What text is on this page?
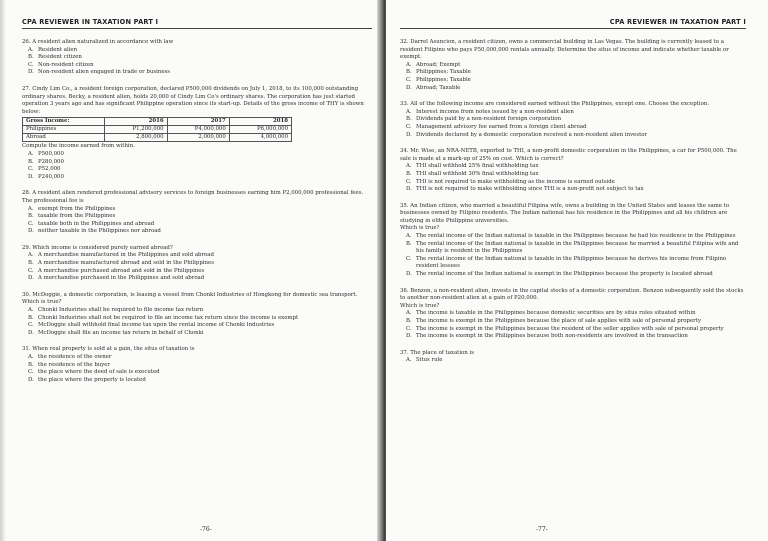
CPA REVIEWER IN TAXATION PART I

26. A resident alien naturalized in accordance with law

A. Resident alien
B. Resident citizen
C. Non-resident citizen
D. Non-resident alien engaged in trade or business

27. Cindy Lim Co., a resident foreign corporation, declared P500,000 dividends on July 1, 2018, to its 100,000 outstanding ordinary shares. Becky, a resident alien, holds 20,000 of Cindy Lim Co's ordinary shares. The corporation has just started operation 3 years ago and has significant Philippine operation since its start-up. Details of the gross income of THY is shown below:

Gross Income:	2016	2017	2018
Philippines	P1,200,000	P4,000,000	P6,000,000
Abroad	2,800,000	2,000,000	4,000,000

Compute the income earned from within.

A. P500,000
B. P280,000
C. P52,000
D. P240,000

28. A resident alien rendered professional advisory services to foreign businesses earning him P2,000,000 professional fees. The professional fee is

A. exempt from the Philippines
B. taxable from the Philippines
C. taxable both in the Philippines and abroad
D. neither taxable in the Philippines nor abroad

29. Which income is considered purely earned abroad?

A. A merchandise manufactured in the Philippines and sold abroad
B. A merchandise manufactured abroad and sold in the Philippines
C. A merchandise purchased abroad and sold in the Philippines
D. A merchandise purchased in the Philippines and sold abroad

30. McDoggie, a domestic corporation, is leasing a vessel from Chonki Industries of Hongkong for domestic sea transport.

Which is true?

A. Chonki Industries shall be required to file income tax return
B. Chonki Industries shall not be required to file an income tax return since the income is exempt
C. McDoggie shall withhold final income tax upon the rental income of Chonki Industries
D. McDoggie shall file an income tax return in behalf of Chonki

31. When real property is sold at a gain, the situs of taxation is

A. the residence of the owner
B. the residence of the buyer
C. the place where the deed of sale is executed
D. the place where the property is located
-76-
CPA REVIEWER IN TAXATION PART I

32. Darrel Asuncion, a resident citizen, owns a commercial building in Las Vegas. The building is currently leased to a resident Filipino who pays P50,000,000 rentals annually. Determine the situs of income and indicate whether taxable or exempt.

A. Abroad; Exempt
B. Philippines; Taxable
C. Philippines; Taxable
D. Abroad; Taxable

33. All of the following income are considered earned without the Philippines, except one. Choose the exception.

A. Interest income from notes issued by a non-resident alien
B. Dividends paid by a non-resident foreign corporation
C. Management advisory fee earned from a foreign client abroad
D. Dividends declared by a domestic corporation received a non-resident alien investor

34. Mr. Wise, an NRA-NETB, exported to THI, a non-profit domestic corporation in the Philippines, a car for P500,000. The sale is made at a mark-up of 25% on cost. Which is correct?

A. THI shall withhold 25% final withholding tax
B. THI shall withhold 30% final withholding tax
C. THI is not required to make withholding as the income is earned outside
D. THI is not required to make withholding since THI is a non-profit not subject to tax

35. An Indian citizen, who married a beautiful Filipina wife, owns a building in the United States and leases the same to businesses owned by Filipino residents. The Indian national has his residence in the Philippines and all his children are studying in elite Philippine universities.

Which is true?

A. The rental income of the Indian national is taxable in the Philippines because he had his residence in the Philippines
B. The rental income of the Indian national is taxable in the Philippines because he married a beautiful Filipina wife and his family is resident in the Philippines
C. The rental income of the Indian national is taxable in the Philippines because he derives his income from Filipino resident lessees
D. The rental income of the Indian national is exempt in the Philippines because the property is located abroad

36. Benzon, a non-resident alien, invests in the capital stocks of a domestic corporation. Benzon subsequently sold the stocks to another non-resident alien at a gain of P20,000.

Which is true?

A. The income is taxable in the Philippines because domestic securities are by situs rules situated within
B. The income is exempt in the Philippines because the place of sale applies with sale of personal property
C. The income is exempt in the Philippines because the resident of the seller applies with sale of personal property
D. The income is exempt in the Philippines because both non-residents are involved in the transaction

37. The place of taxation is

A. Situs rule
-77-
